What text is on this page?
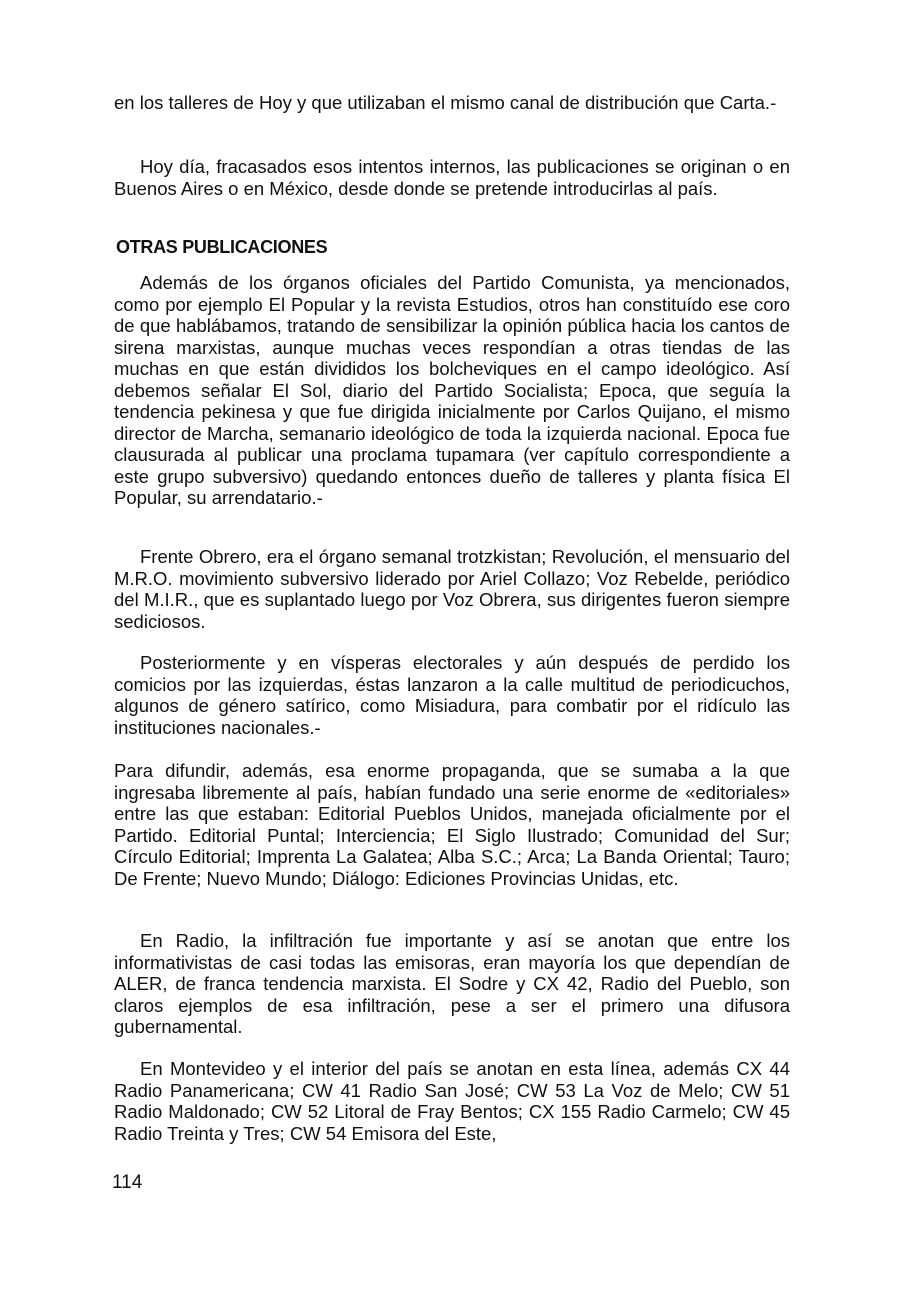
en los talleres de Hoy y que utilizaban el mismo canal de distribución que Carta.-

Hoy día, fracasados esos intentos internos, las publicaciones se originan o en Buenos Aires o en México, desde donde se pretende introducirlas al país.

OTRAS PUBLICACIONES

Además de los órganos oficiales del Partido Comunista, ya mencionados, como por ejemplo El Popular y la revista Estudios, otros han constituído ese coro de que hablábamos, tratando de sensibilizar la opinión pública hacia los cantos de sirena marxistas, aunque muchas veces respondían a otras tiendas de las muchas en que están divididos los bolcheviques en el campo ideológico. Así debemos señalar El Sol, diario del Partido Socialista; Epoca, que seguía la tendencia pekinesa y que fue dirigida inicialmente por Carlos Quijano, el mismo director de Marcha, semanario ideológico de toda la izquierda nacional. Epoca fue clausurada al publicar una proclama tupamara (ver capítulo correspondiente a este grupo subversivo) quedando entonces dueño de talleres y planta física El Popular, su arrendatario.-

Frente Obrero, era el órgano semanal trotzkistan; Revolución, el mensuario del M.R.O. movimiento subversivo liderado por Ariel Collazo; Voz Rebelde, periódico del M.I.R., que es suplantado luego por Voz Obrera, sus dirigentes fueron siempre sediciosos.

Posteriormente y en vísperas electorales y aún después de perdido los comicios por las izquierdas, éstas lanzaron a la calle multitud de periodicuchos, algunos de género satírico, como Misiadura, para combatir por el ridículo las instituciones nacionales.-

Para difundir, además, esa enorme propaganda, que se sumaba a la que ingresaba libremente al país, habían fundado una serie enorme de «editoriales» entre las que estaban: Editorial Pueblos Unidos, manejada oficialmente por el Partido. Editorial Puntal; Interciencia; El Siglo Ilustrado; Comunidad del Sur; Círculo Editorial; Imprenta La Galatea; Alba S.C.; Arca; La Banda Oriental; Tauro; De Frente; Nuevo Mundo; Diálogo: Ediciones Provincias Unidas, etc.

En Radio, la infiltración fue importante y así se anotan que entre los informativistas de casi todas las emisoras, eran mayoría los que dependían de ALER, de franca tendencia marxista. El Sodre y CX 42, Radio del Pueblo, son claros ejemplos de esa infiltración, pese a ser el primero una difusora gubernamental.

En Montevideo y el interior del país se anotan en esta línea, además CX 44 Radio Panamericana; CW 41 Radio San José; CW 53 La Voz de Melo; CW 51 Radio Maldonado; CW 52 Litoral de Fray Bentos; CX 155 Radio Carmelo; CW 45 Radio Treinta y Tres; CW 54 Emisora del Este,

114
